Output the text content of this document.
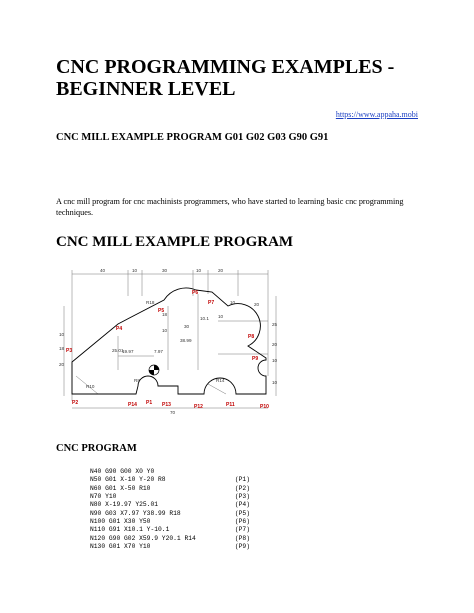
CNC PROGRAMMING EXAMPLES - BEGINNER LEVEL
https://www.appaha.mobi
CNC MILL EXAMPLE PROGRAM G01 G02 G03 G90 G91

A cnc mill program for cnc machinists programmers, who have started to learning basic cnc programming techniques.

CNC MILL EXAMPLE PROGRAM
40	10	30	10	20
70
10.1 10
25
20
10
10
20
18
10
R10
R8	R14
R18
18
10
19.97	7.97
30
38.99
25.01
10	20
P1
P2
P3
P4
P5
P6
P7
P8
P9
P10
P11
P12
P13
P14
CNC PROGRAM
N40 G90 G00 X0 Y0
N50 G01 X-10 Y-20 R8	(P1)
N60 G01 X-50 R10	(P2)
N70 Y10	(P3)
N80 X-19.97 Y25.01	(P4)
N90 G03 X7.97 Y38.99 R18	(P5)
N100 G01 X30 Y50	(P6)
N110 G91 X10.1 Y-10.1	(P7)
N120 G90 G02 X59.9 Y20.1 R14	(P8)
N130 G01 X70 Y10	(P9)
